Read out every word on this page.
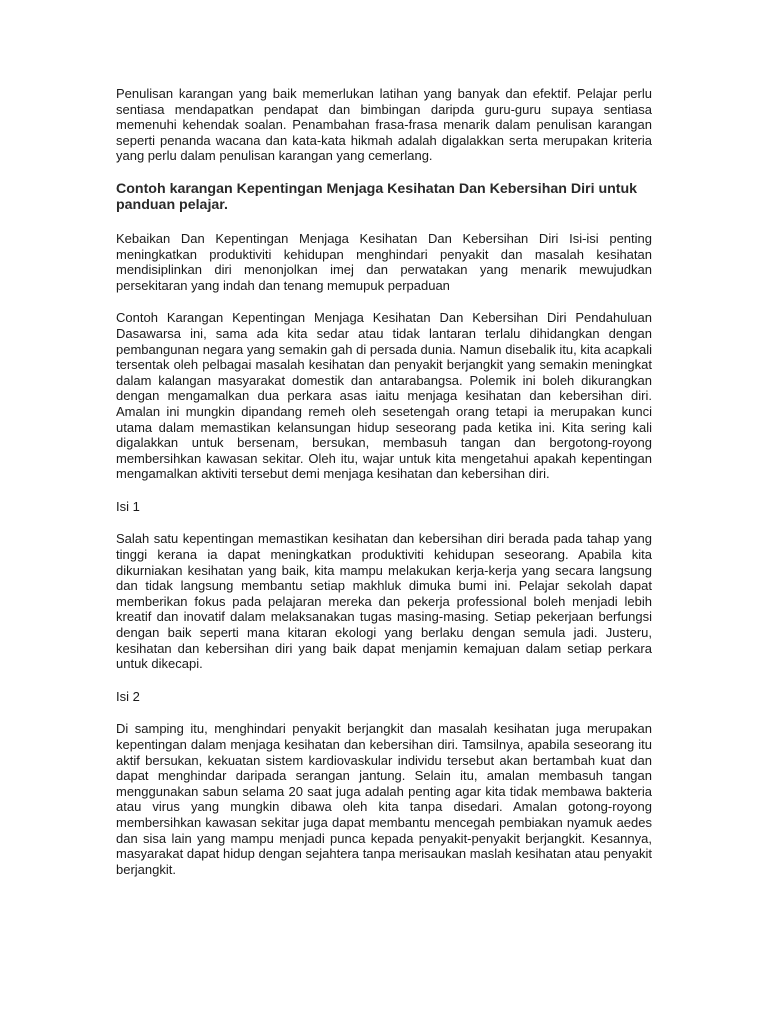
Penulisan karangan yang baik memerlukan latihan yang banyak dan efektif. Pelajar perlu sentiasa mendapatkan pendapat dan bimbingan daripda guru-guru supaya sentiasa memenuhi kehendak soalan. Penambahan frasa-frasa menarik dalam penulisan karangan seperti penanda wacana dan kata-kata hikmah adalah digalakkan serta merupakan kriteria yang perlu dalam penulisan karangan yang cemerlang.

Contoh karangan Kepentingan Menjaga Kesihatan Dan Kebersihan Diri untuk panduan pelajar.

Kebaikan Dan Kepentingan Menjaga Kesihatan Dan Kebersihan Diri Isi-isi penting meningkatkan produktiviti kehidupan menghindari penyakit dan masalah kesihatan mendisiplinkan diri menonjolkan imej dan perwatakan yang menarik mewujudkan persekitaran yang indah dan tenang memupuk perpaduan

Contoh Karangan Kepentingan Menjaga Kesihatan Dan Kebersihan Diri Pendahuluan Dasawarsa ini, sama ada kita sedar atau tidak lantaran terlalu dihidangkan dengan pembangunan negara yang semakin gah di persada dunia. Namun disebalik itu, kita acapkali tersentak oleh pelbagai masalah kesihatan dan penyakit berjangkit yang semakin meningkat dalam kalangan masyarakat domestik dan antarabangsa. Polemik ini boleh dikurangkan dengan mengamalkan dua perkara asas iaitu menjaga kesihatan dan kebersihan diri. Amalan ini mungkin dipandang remeh oleh sesetengah orang tetapi ia merupakan kunci utama dalam memastikan kelansungan hidup seseorang pada ketika ini. Kita sering kali digalakkan untuk bersenam, bersukan, membasuh tangan dan bergotong-royong membersihkan kawasan sekitar. Oleh itu, wajar untuk kita mengetahui apakah kepentingan mengamalkan aktiviti tersebut demi menjaga kesihatan dan kebersihan diri.

Isi 1

Salah satu kepentingan memastikan kesihatan dan kebersihan diri berada pada tahap yang tinggi kerana ia dapat meningkatkan produktiviti kehidupan seseorang. Apabila kita dikurniakan kesihatan yang baik, kita mampu melakukan kerja-kerja yang secara langsung dan tidak langsung membantu setiap makhluk dimuka bumi ini. Pelajar sekolah dapat memberikan fokus pada pelajaran mereka dan pekerja professional boleh menjadi lebih kreatif dan inovatif dalam melaksanakan tugas masing-masing. Setiap pekerjaan berfungsi dengan baik seperti mana kitaran ekologi yang berlaku dengan semula jadi. Justeru, kesihatan dan kebersihan diri yang baik dapat menjamin kemajuan dalam setiap perkara untuk dikecapi.

Isi 2

Di samping itu, menghindari penyakit berjangkit dan masalah kesihatan juga merupakan kepentingan dalam menjaga kesihatan dan kebersihan diri. Tamsilnya, apabila seseorang itu aktif bersukan, kekuatan sistem kardiovaskular individu tersebut akan bertambah kuat dan dapat menghindar daripada serangan jantung. Selain itu, amalan membasuh tangan menggunakan sabun selama 20 saat juga adalah penting agar kita tidak membawa bakteria atau virus yang mungkin dibawa oleh kita tanpa disedari. Amalan gotong-royong membersihkan kawasan sekitar juga dapat membantu mencegah pembiakan nyamuk aedes dan sisa lain yang mampu menjadi punca kepada penyakit-penyakit berjangkit. Kesannya, masyarakat dapat hidup dengan sejahtera tanpa merisaukan maslah kesihatan atau penyakit berjangkit.
